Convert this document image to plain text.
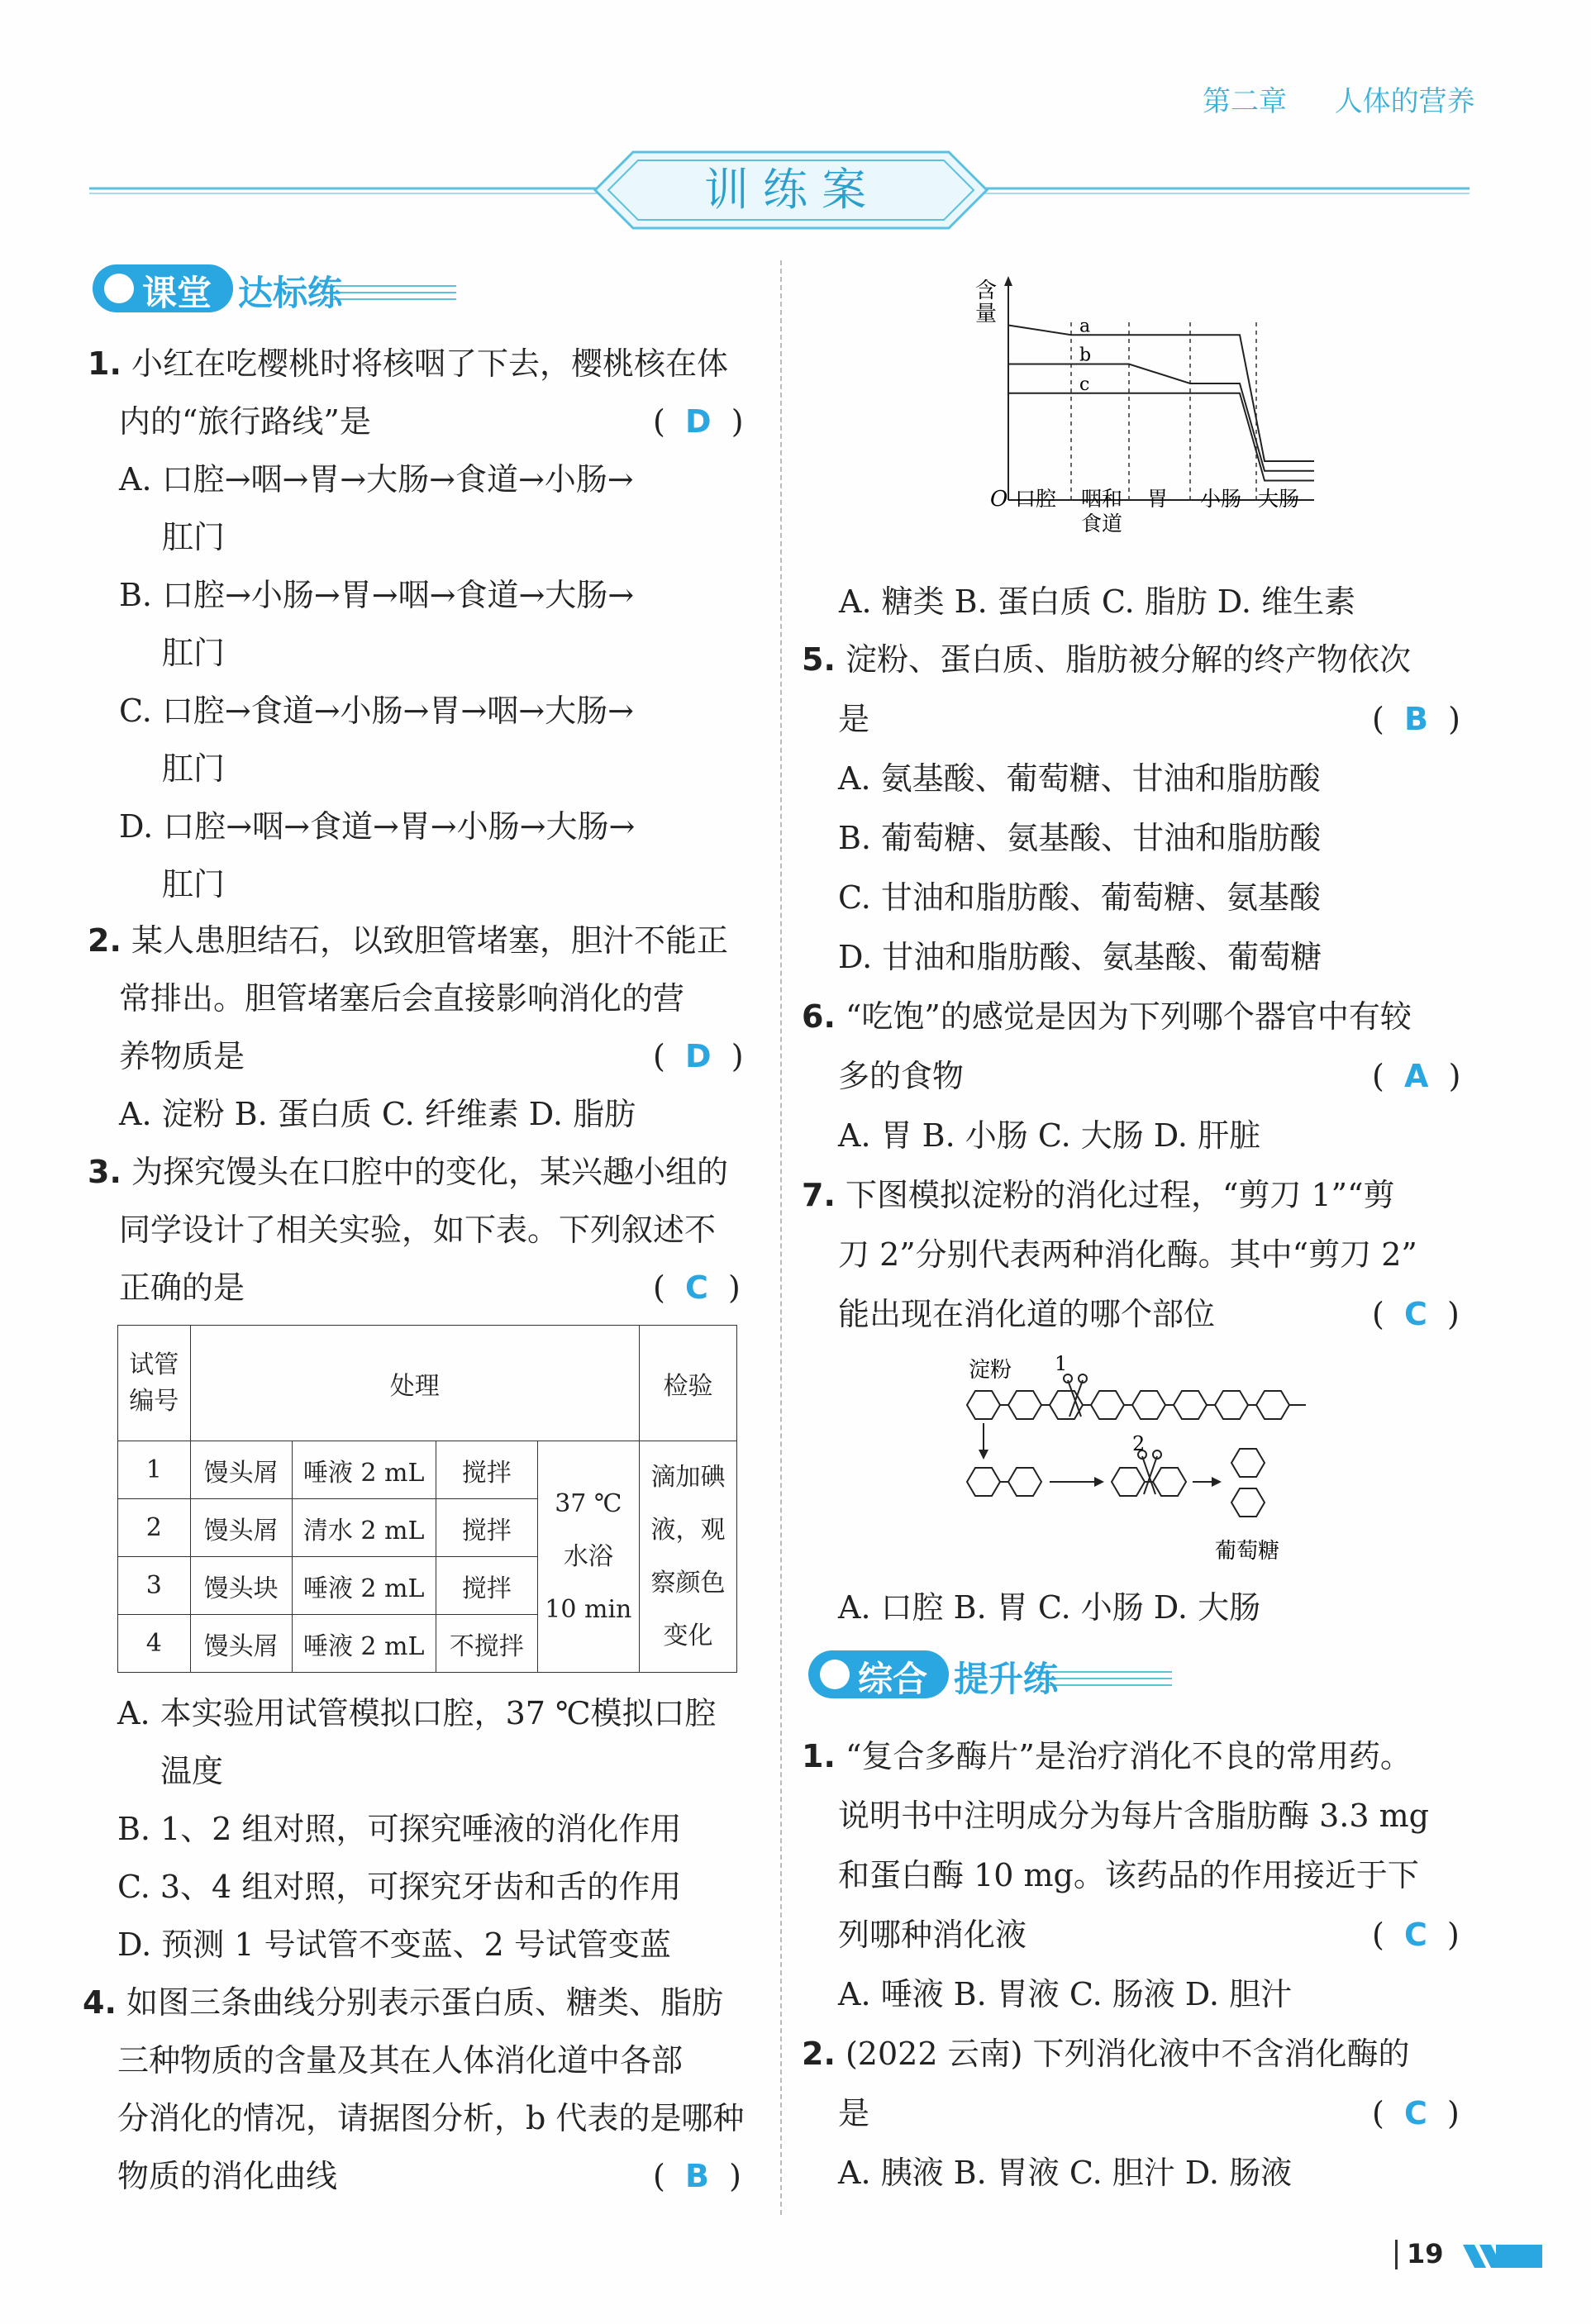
第二章 人体的营养
训 练 案
课堂 达标练
1. 小红在吃樱桃时将核咽了下去，樱桃核在体
内的“旅行路线”是	(  D  )
A. 口腔→咽→胃→大肠→食道→小肠→
肛门
B. 口腔→小肠→胃→咽→食道→大肠→
肛门
C. 口腔→食道→小肠→胃→咽→大肠→
肛门
D. 口腔→咽→食道→胃→小肠→大肠→
肛门
2. 某人患胆结石，以致胆管堵塞，胆汁不能正
常排出。胆管堵塞后会直接影响消化的营
养物质是	(  D  )
A. 淀粉 B. 蛋白质 C. 纤维素 D. 脂肪
3. 为探究馒头在口腔中的变化，某兴趣小组的
同学设计了相关实验，如下表。下列叙述不
正确的是	(  C  )
试管
编号	处理				检验
1	馒头屑	唾液 2 mL	搅拌	37 ℃
水浴
10 min	滴加碘
液，观
察颜色
变化
2	馒头屑	清水 2 mL	搅拌		
3	馒头块	唾液 2 mL	搅拌		
4	馒头屑	唾液 2 mL	不搅拌		
A. 本实验用试管模拟口腔，37 ℃模拟口腔
温度
B. 1、2 组对照，可探究唾液的消化作用
C. 3、4 组对照，可探究牙齿和舌的作用
D. 预测 1 号试管不变蓝、2 号试管变蓝
4. 如图三条曲线分别表示蛋白质、糖类、脂肪
三种物质的含量及其在人体消化道中各部
分消化的情况，请据图分析，b 代表的是哪种
物质的消化曲线	(  B  )
含
量
O 口腔 咽和
食道
胃 小肠 大肠
a
b
c
A. 糖类 B. 蛋白质 C. 脂肪 D. 维生素
5. 淀粉、蛋白质、脂肪被分解的终产物依次
是	(  B  )
A. 氨基酸、葡萄糖、甘油和脂肪酸
B. 葡萄糖、氨基酸、甘油和脂肪酸
C. 甘油和脂肪酸、葡萄糖、氨基酸
D. 甘油和脂肪酸、氨基酸、葡萄糖
6. “吃饱”的感觉是因为下列哪个器官中有较
多的食物	(  A  )
A. 胃 B. 小肠 C. 大肠 D. 肝脏
7. 下图模拟淀粉的消化过程，“剪刀 1”“剪
刀 2”分别代表两种消化酶。其中“剪刀 2”
能出现在消化道的哪个部位	(  C  )
淀粉 1
2
葡萄糖
A. 口腔 B. 胃 C. 小肠 D. 大肠
综合 提升练
1. “复合多酶片”是治疗消化不良的常用药。
说明书中注明成分为每片含脂肪酶 3.3 mg
和蛋白酶 10 mg。该药品的作用接近于下
列哪种消化液	(  C  )
A. 唾液 B. 胃液 C. 肠液 D. 胆汁
2. (2022 云南) 下列消化液中不含消化酶的
是	(  C  )
A. 胰液 B. 胃液 C. 胆汁 D. 肠液
19
